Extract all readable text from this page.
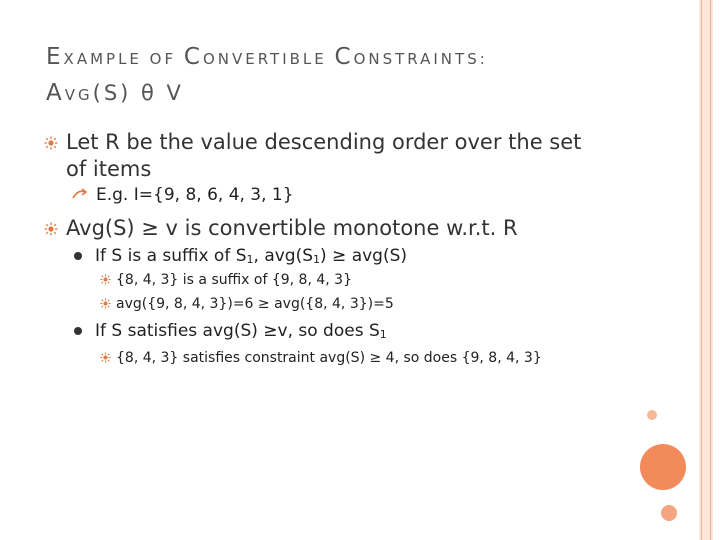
EXAMPLE OF CONVERTIBLE CONSTRAINTS:
AVG(S) θ V
Let R be the value descending order over the set
of items
E.g. I={9, 8, 6, 4, 3, 1}
Avg(S) ≥ v is convertible monotone w.r.t. R
If S is a suffix of S1, avg(S1) ≥ avg(S)
{8, 4, 3} is a suffix of {9, 8, 4, 3}
avg({9, 8, 4, 3})=6 ≥ avg({8, 4, 3})=5
If S satisfies avg(S) ≥v, so does S1
{8, 4, 3} satisfies constraint avg(S) ≥ 4, so does {9, 8, 4, 3}
